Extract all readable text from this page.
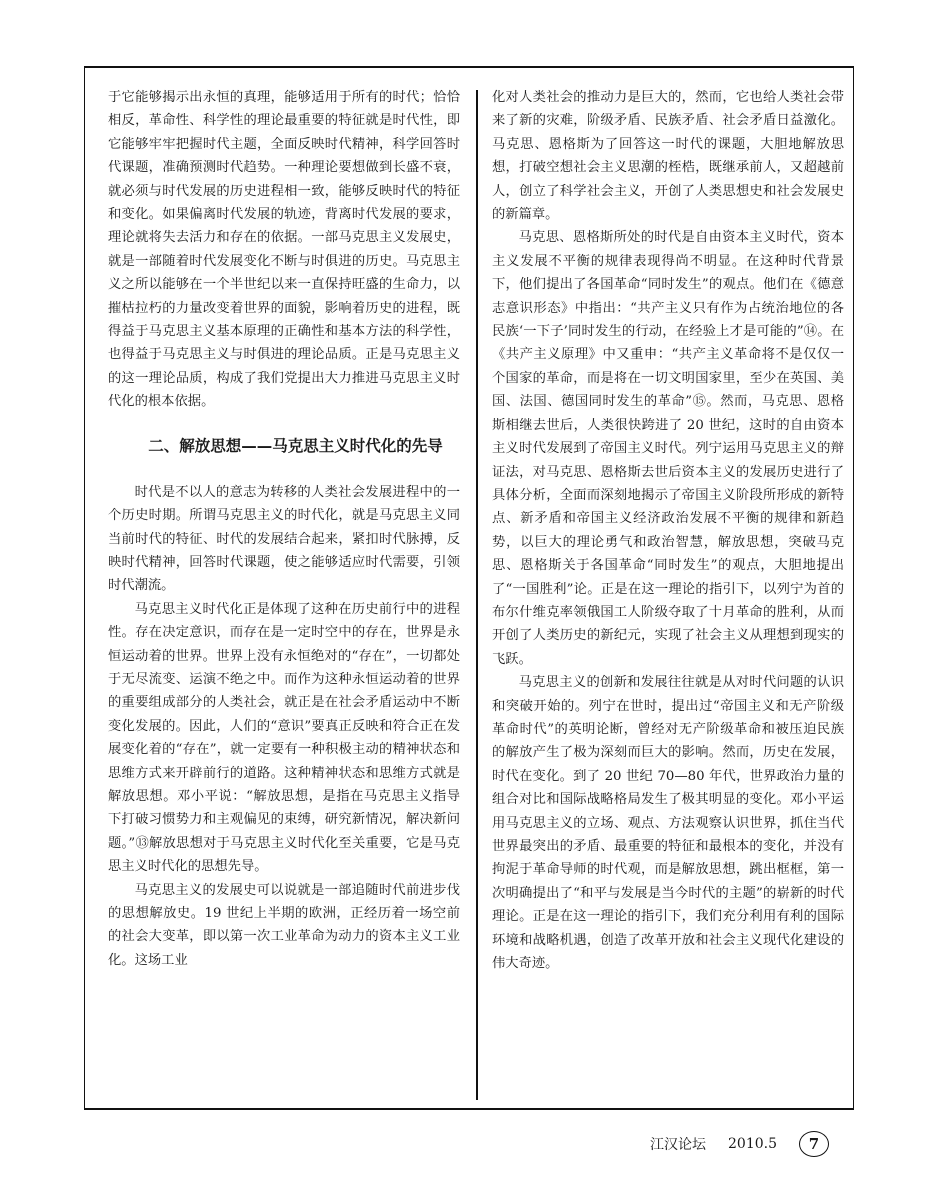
于它能够揭示出永恒的真理，能够适用于所有的时代；恰恰相反，革命性、科学性的理论最重要的特征就是时代性，即它能够牢牢把握时代主题，全面反映时代精神，科学回答时代课题，准确预测时代趋势。一种理论要想做到长盛不衰，就必须与时代发展的历史进程相一致，能够反映时代的特征和变化。如果偏离时代发展的轨迹，背离时代发展的要求，理论就将失去活力和存在的依据。一部马克思主义发展史，就是一部随着时代发展变化不断与时俱进的历史。马克思主义之所以能够在一个半世纪以来一直保持旺盛的生命力，以摧枯拉朽的力量改变着世界的面貌，影响着历史的进程，既得益于马克思主义基本原理的正确性和基本方法的科学性，也得益于马克思主义与时俱进的理论品质。正是马克思主义的这一理论品质，构成了我们党提出大力推进马克思主义时代化的根本依据。

二、解放思想——马克思主义时代化的先导

时代是不以人的意志为转移的人类社会发展进程中的一个历史时期。所谓马克思主义的时代化，就是马克思主义同当前时代的特征、时代的发展结合起来，紧扣时代脉搏，反映时代精神，回答时代课题，使之能够适应时代需要，引领时代潮流。

马克思主义时代化正是体现了这种在历史前行中的进程性。存在决定意识，而存在是一定时空中的存在，世界是永恒运动着的世界。世界上没有永恒绝对的“存在”，一切都处于无尽流变、运演不绝之中。而作为这种永恒运动着的世界的重要组成部分的人类社会，就正是在社会矛盾运动中不断变化发展的。因此，人们的“意识”要真正反映和符合正在发展变化着的“存在”，就一定要有一种积极主动的精神状态和思维方式来开辟前行的道路。这种精神状态和思维方式就是解放思想。邓小平说：“解放思想，是指在马克思主义指导下打破习惯势力和主观偏见的束缚，研究新情况，解决新问题。”⑬解放思想对于马克思主义时代化至关重要，它是马克思主义时代化的思想先导。

马克思主义的发展史可以说就是一部追随时代前进步伐的思想解放史。19 世纪上半期的欧洲，正经历着一场空前的社会大变革，即以第一次工业革命为动力的资本主义工业化。这场工业

化对人类社会的推动力是巨大的，然而，它也给人类社会带来了新的灾难，阶级矛盾、民族矛盾、社会矛盾日益激化。马克思、恩格斯为了回答这一时代的课题，大胆地解放思想，打破空想社会主义思潮的桎梏，既继承前人，又超越前人，创立了科学社会主义，开创了人类思想史和社会发展史的新篇章。

马克思、恩格斯所处的时代是自由资本主义时代，资本主义发展不平衡的规律表现得尚不明显。在这种时代背景下，他们提出了各国革命“同时发生”的观点。他们在《德意志意识形态》中指出：“共产主义只有作为占统治地位的各民族‘一下子’同时发生的行动，在经验上才是可能的”⑭。在《共产主义原理》中又重申：“共产主义革命将不是仅仅一个国家的革命，而是将在一切文明国家里，至少在英国、美国、法国、德国同时发生的革命”⑮。然而，马克思、恩格斯相继去世后，人类很快跨进了 20 世纪，这时的自由资本主义时代发展到了帝国主义时代。列宁运用马克思主义的辩证法，对马克思、恩格斯去世后资本主义的发展历史进行了具体分析，全面而深刻地揭示了帝国主义阶段所形成的新特点、新矛盾和帝国主义经济政治发展不平衡的规律和新趋势，以巨大的理论勇气和政治智慧，解放思想，突破马克思、恩格斯关于各国革命“同时发生”的观点，大胆地提出了“一国胜利”论。正是在这一理论的指引下，以列宁为首的布尔什维克率领俄国工人阶级夺取了十月革命的胜利，从而开创了人类历史的新纪元，实现了社会主义从理想到现实的飞跃。

马克思主义的创新和发展往往就是从对时代问题的认识和突破开始的。列宁在世时，提出过“帝国主义和无产阶级革命时代”的英明论断，曾经对无产阶级革命和被压迫民族的解放产生了极为深刻而巨大的影响。然而，历史在发展，时代在变化。到了 20 世纪 70—80 年代，世界政治力量的组合对比和国际战略格局发生了极其明显的变化。邓小平运用马克思主义的立场、观点、方法观察认识世界，抓住当代世界最突出的矛盾、最重要的特征和最根本的变化，并没有拘泥于革命导师的时代观，而是解放思想，跳出框框，第一次明确提出了“和平与发展是当今时代的主题”的崭新的时代理论。正是在这一理论的指引下，我们充分利用有利的国际环境和战略机遇，创造了改革开放和社会主义现代化建设的伟大奇迹。

江汉论坛 2010.5	7
